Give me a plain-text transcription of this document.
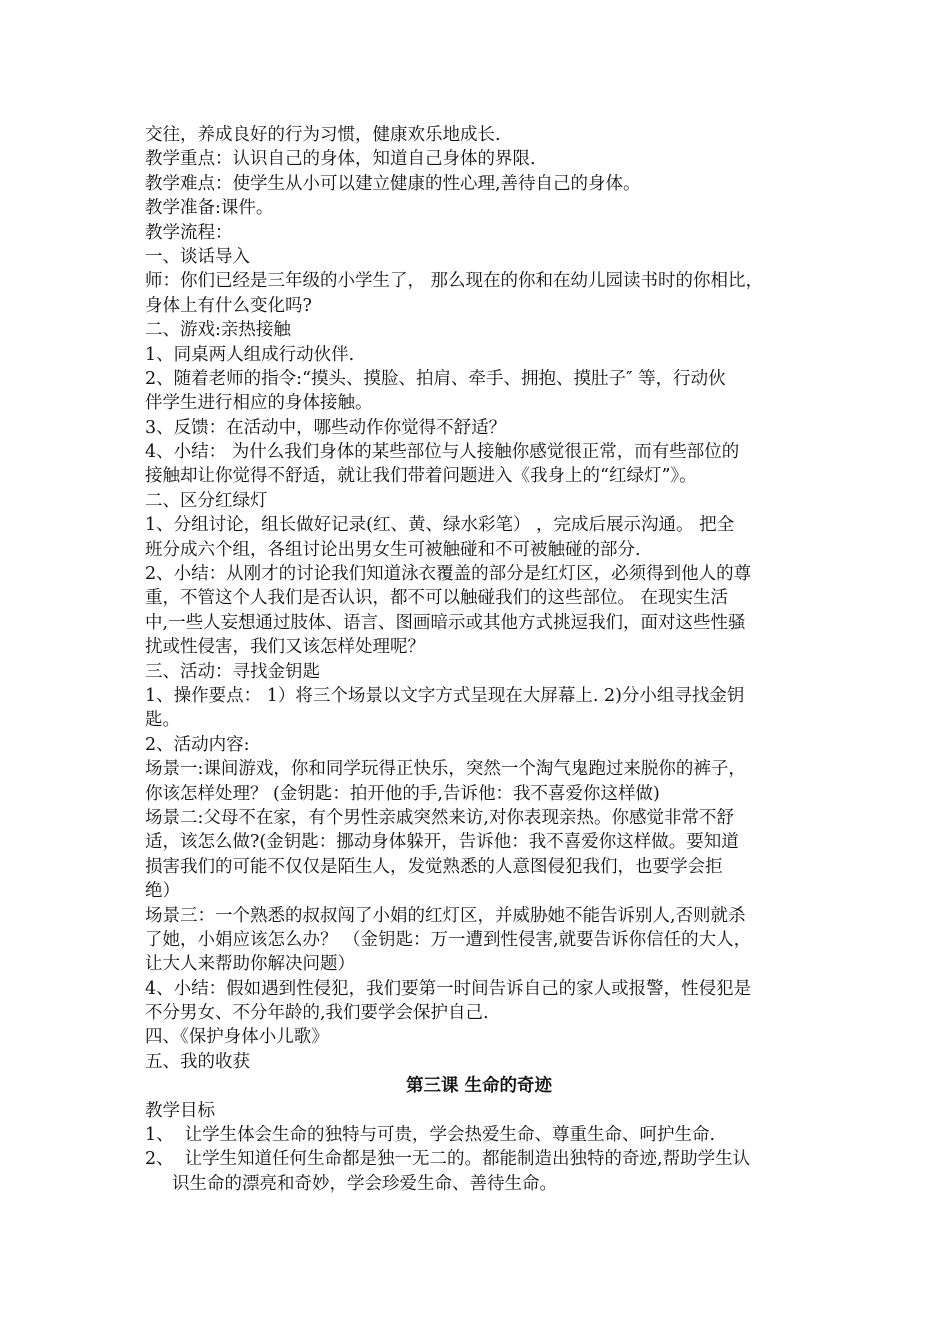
交往，养成良好的行为习惯，健康欢乐地成长.
教学重点：认识自己的身体，知道自己身体的界限.
教学难点：使学生从小可以建立健康的性心理,善待自己的身体。
教学准备:课件。
教学流程：
一、谈话导入
师：你们已经是三年级的小学生了， 那么现在的你和在幼儿园读书时的你相比，
身体上有什么变化吗?
二、游戏:亲热接触
1、同桌两人组成行动伙伴.
2、随着老师的指令:“摸头、摸脸、拍肩、牵手、拥抱、摸肚子″ 等，行动伙
伴学生进行相应的身体接触。
3、反馈：在活动中，哪些动作你觉得不舒适？
4、小结： 为什么我们身体的某些部位与人接触你感觉很正常，而有些部位的
接触却让你觉得不舒适，就让我们带着问题进入《我身上的“红绿灯”》。
二、区分红绿灯
1、分组讨论，组长做好记录(红、黄、绿水彩笔） ，完成后展示沟通。 把全
班分成六个组，各组讨论出男女生可被触碰和不可被触碰的部分.
2、小结：从刚才的讨论我们知道泳衣覆盖的部分是红灯区，必须得到他人的尊
重，不管这个人我们是否认识，都不可以触碰我们的这些部位。 在现实生活
中,一些人妄想通过肢体、语言、图画暗示或其他方式挑逗我们，面对这些性骚
扰或性侵害，我们又该怎样处理呢？
三、活动：寻找金钥匙
1、操作要点： 1）将三个场景以文字方式呈现在大屏幕上. 2)分小组寻找金钥
匙。
2、活动内容:
场景一:课间游戏，你和同学玩得正快乐，突然一个淘气鬼跑过来脱你的裤子，
你该怎样处理？ (金钥匙：拍开他的手,告诉他：我不喜爱你这样做)
场景二:父母不在家，有个男性亲戚突然来访,对你表现亲热。你感觉非常不舒
适，该怎么做?(金钥匙：挪动身体躲开，告诉他：我不喜爱你这样做。要知道
损害我们的可能不仅仅是陌生人，发觉熟悉的人意图侵犯我们，也要学会拒
绝）
场景三：一个熟悉的叔叔闯了小娟的红灯区，并威胁她不能告诉别人,否则就杀
了她，小娟应该怎么办？ （金钥匙：万一遭到性侵害,就要告诉你信任的大人，
让大人来帮助你解决问题）
4、小结：假如遇到性侵犯，我们要第一时间告诉自己的家人或报警，性侵犯是
不分男女、不分年龄的,我们要学会保护自己.
四、《保护身体小儿歌》
五、我的收获
第三课 生命的奇迹
教学目标
1、 让学生体会生命的独特与可贵，学会热爱生命、尊重生命、呵护生命.
2、 让学生知道任何生命都是独一无二的。都能制造出独特的奇迹,帮助学生认
识生命的漂亮和奇妙，学会珍爱生命、善待生命。
